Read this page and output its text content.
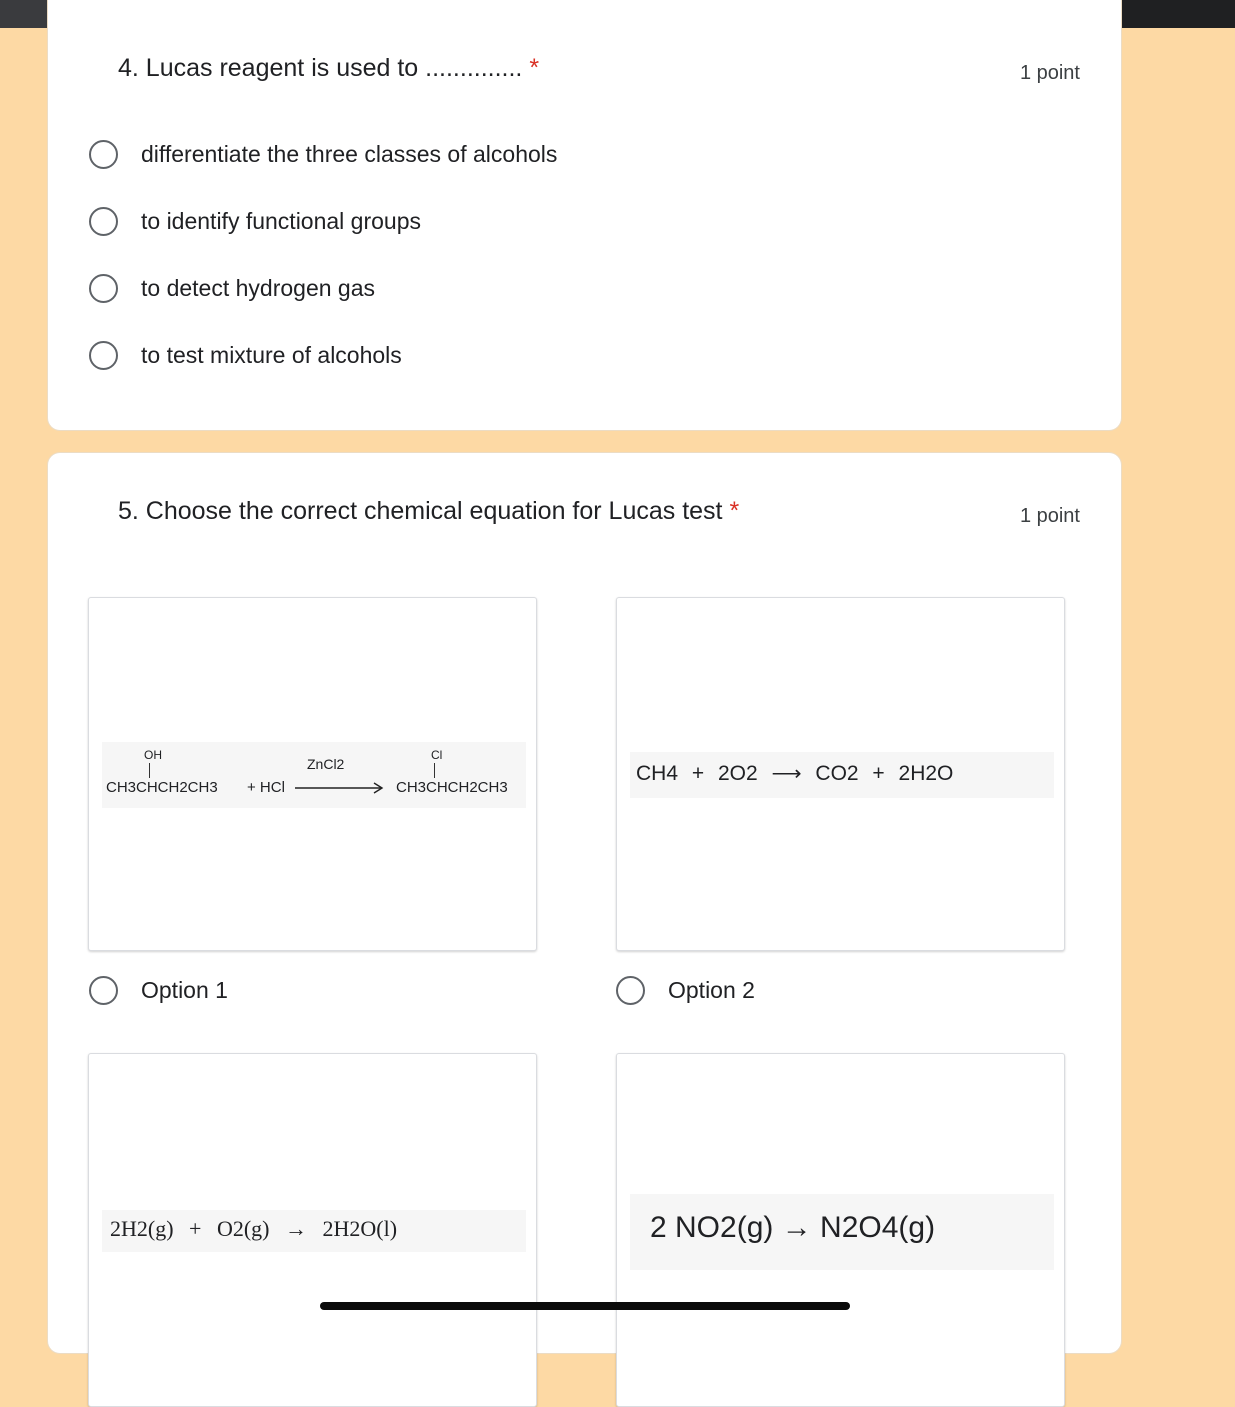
4. Lucas reagent is used to .............. *	1 point
differentiate the three classes of alcohols
to identify functional groups
to detect hydrogen gas
to test mixture of alcohols
5. Choose the correct chemical equation for Lucas test *	1 point
OH
CH3CHCH2CH3 + HCl
ZnCl2
Cl
CH3CHCH2CH3
CH4 + 2O2 ⟶ CO2 + 2H2O
Option 1	Option 2
2H2(g) + O2(g) → 2H2O(l)	2 NO2(g) → N2O4(g)
